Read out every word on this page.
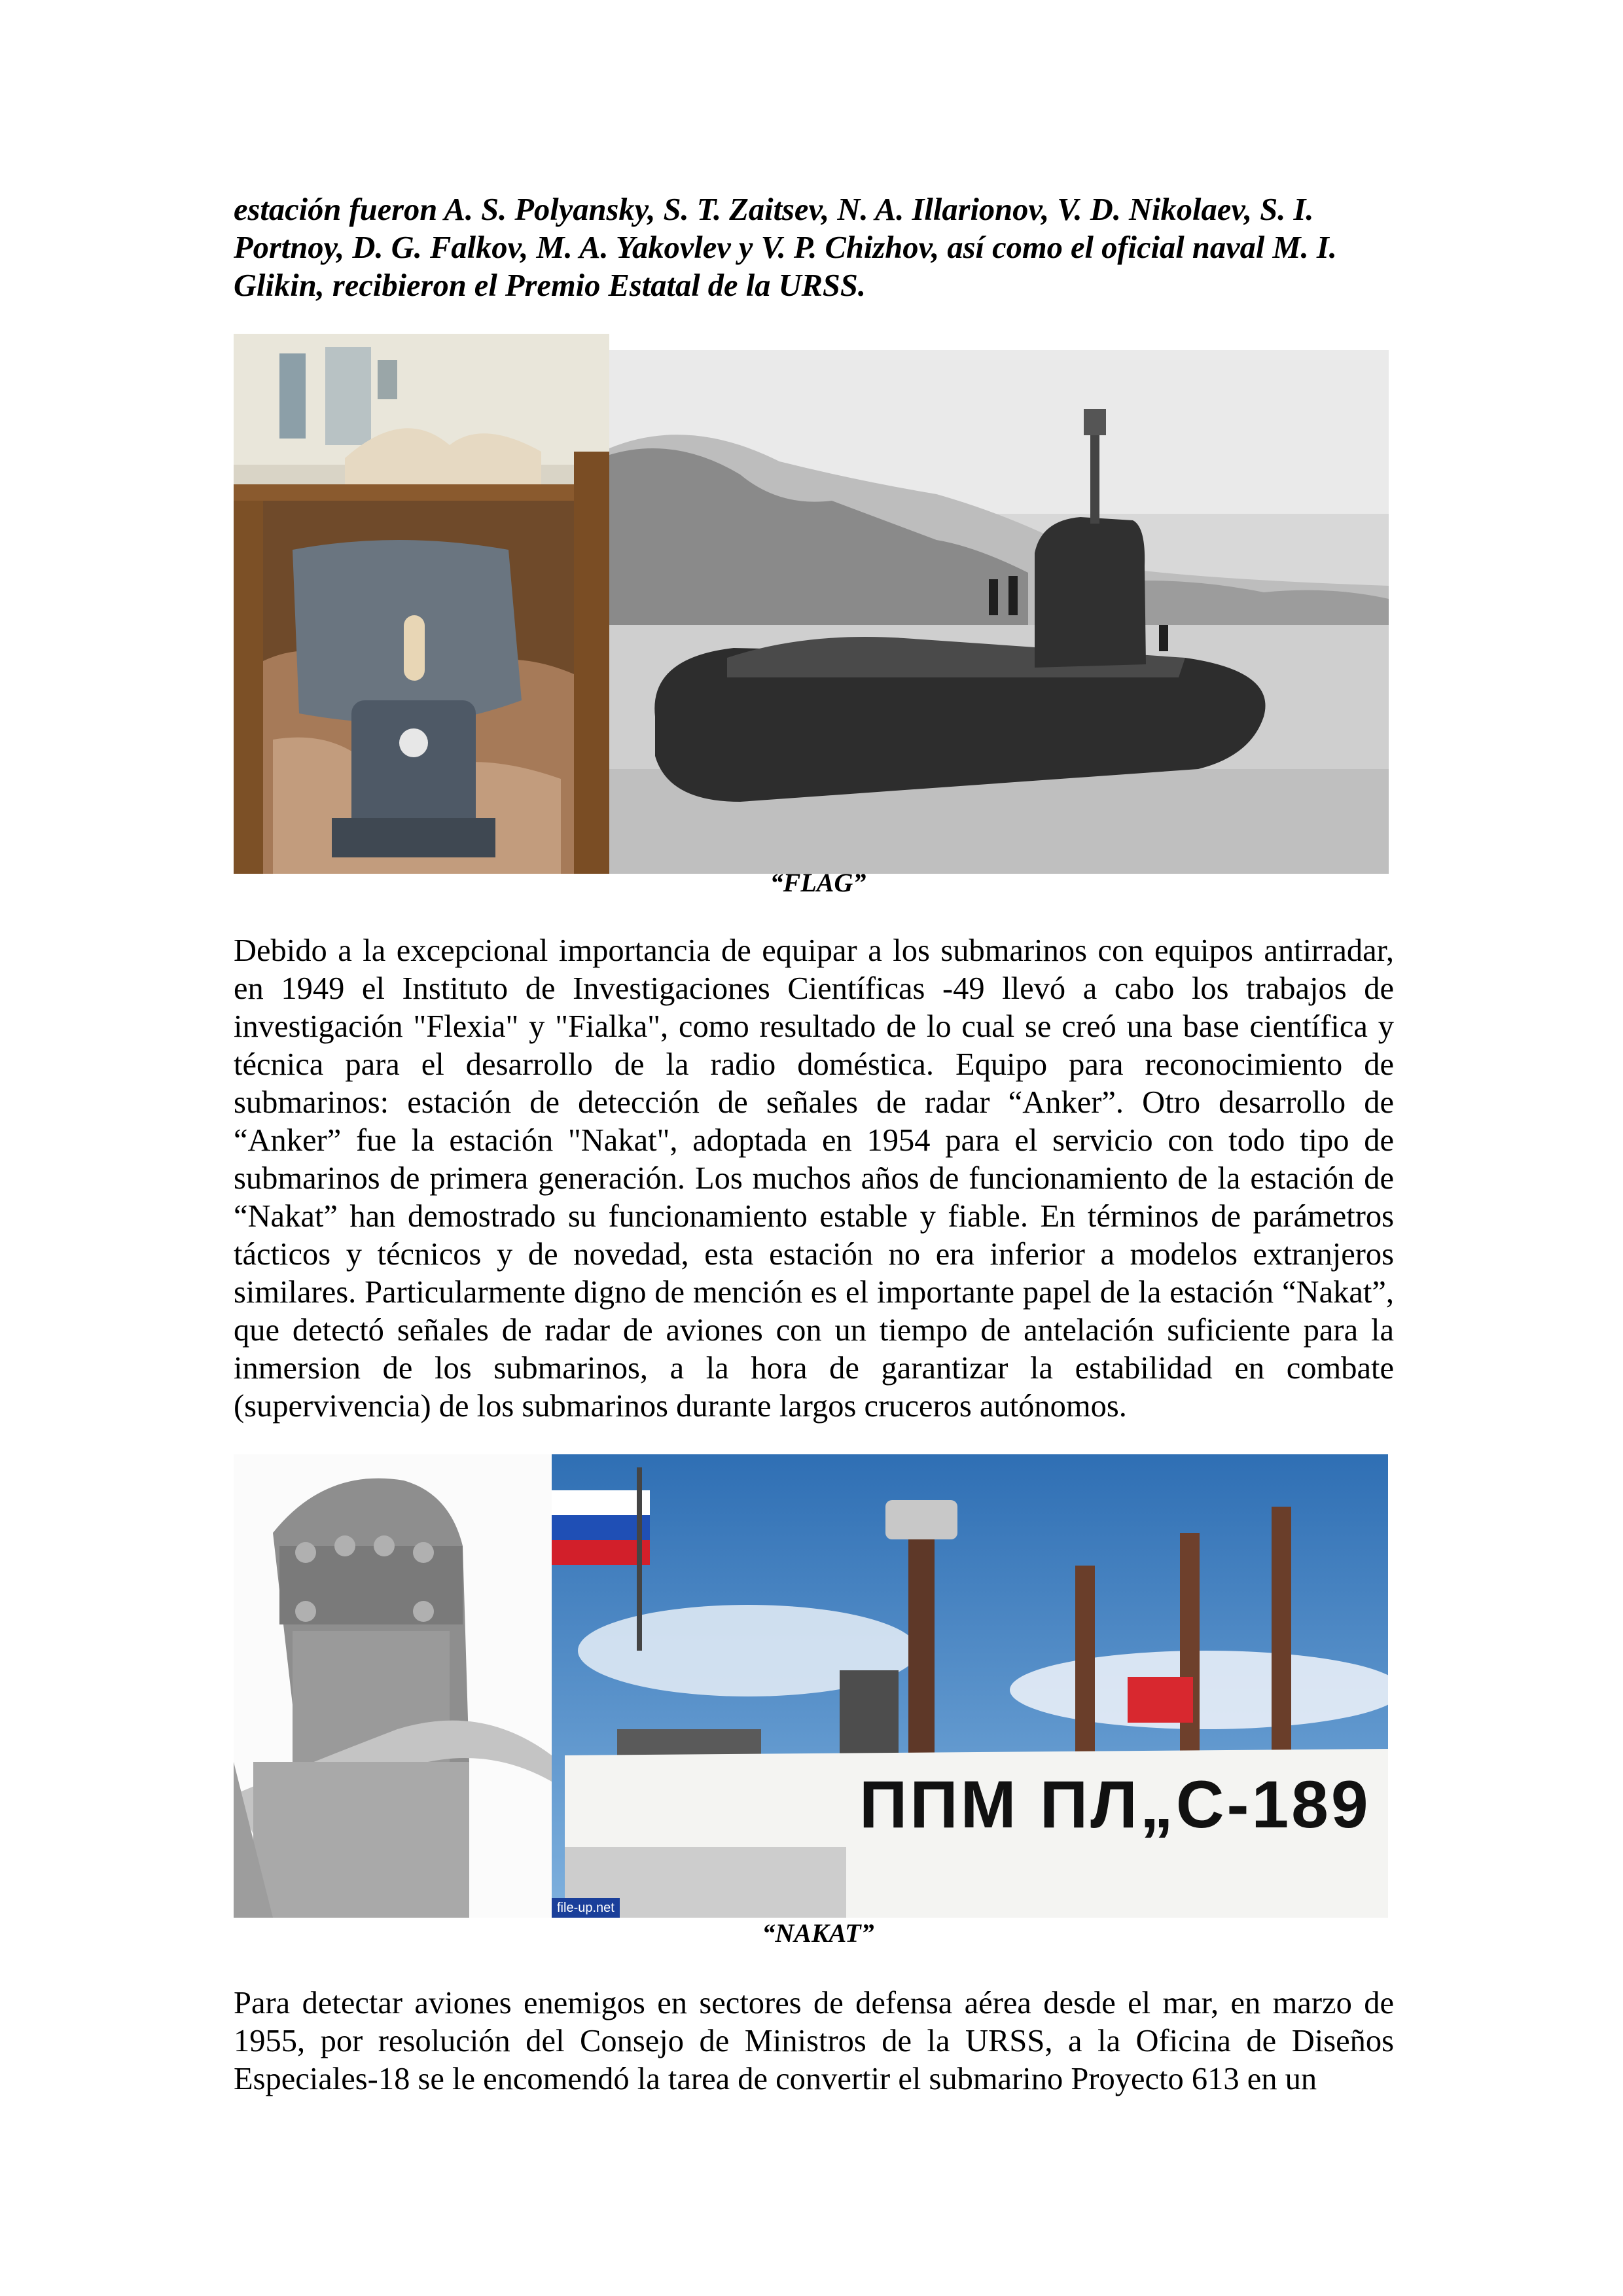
estación fueron A. S. Polyansky, S. T. Zaitsev, N. A. Illarionov, V. D. Nikolaev, S. I. Portnoy, D. G. Falkov, M. A. Yakovlev y V. P. Chizhov, así como el oficial naval M. I. Glikin, recibieron el Premio Estatal de la URSS.

“FLAG”

Debido a la excepcional importancia de equipar a los submarinos con equipos antirradar, en 1949 el Instituto de Investigaciones Científicas -49 llevó a cabo los trabajos de investigación "Flexia" y "Fialka", como resultado de lo cual se creó una base científica y técnica para el desarrollo de la radio doméstica. Equipo para reconocimiento de submarinos: estación de detección de señales de radar “Anker”. Otro desarrollo de “Anker” fue la estación "Nakat", adoptada en 1954 para el servicio con todo tipo de submarinos de primera generación. Los muchos años de funcionamiento de la estación de “Nakat” han demostrado su funcionamiento estable y fiable. En términos de parámetros tácticos y técnicos y de novedad, esta estación no era inferior a modelos extranjeros similares. Particularmente digno de mención es el importante papel de la estación “Nakat”, que detectó señales de radar de aviones con un tiempo de antelación suficiente para la inmersion de los submarinos, a la hora de garantizar la estabilidad en combate (supervivencia) de los submarinos durante largos cruceros autónomos.

ППМ ПЛ„С-189
file-up.net
“NAKAT”

Para detectar aviones enemigos en sectores de defensa aérea desde el mar, en marzo de 1955, por resolución del Consejo de Ministros de la URSS, a la Oficina de Diseños Especiales-18 se le encomendó la tarea de convertir el submarino Proyecto 613 en un
